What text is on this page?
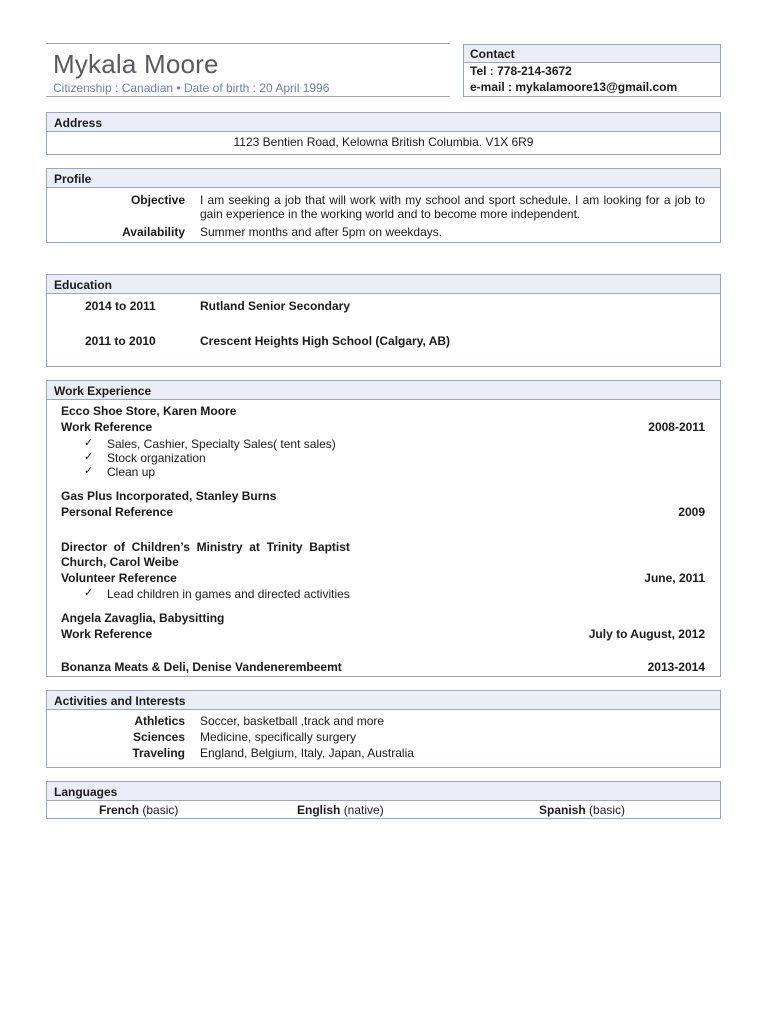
Mykala Moore
Citizenship : Canadian • Date of birth : 20 April 1996
Contact
Tel : 778-214-3672
e-mail : mykalamoore13@gmail.com
Address
1123 Bentien Road, Kelowna British Columbia. V1X 6R9
Profile
Objective I am seeking a job that will work with my school and sport schedule. I am looking for a job to gain experience in the working world and to become more independent.
Availability Summer months and after 5pm on weekdays.
Education
2014 to 2011	Rutland Senior Secondary
2011 to 2010	Crescent Heights High School (Calgary, AB)
Work Experience
Ecco Shoe Store, Karen Moore
Work Reference	2008-2011
✓ Sales, Cashier, Specialty Sales( tent sales)
✓ Stock organization
✓ Clean up
Gas Plus Incorporated, Stanley Burns
Personal Reference	2009
Director  of  Children’s  Ministry  at  Trinity  Baptist
Church, Carol Weibe
Volunteer Reference	June, 2011
✓ Lead children in games and directed activities
Angela Zavaglia, Babysitting
Work Reference	July to August, 2012
Bonanza Meats & Deli, Denise Vandenerembeemt	2013-2014
Activities and Interests
Athletics Soccer, basketball ,track and more
Sciences Medicine, specifically surgery
Traveling England, Belgium, Italy, Japan, Australia
Languages
French (basic)	English (native)	Spanish (basic)
